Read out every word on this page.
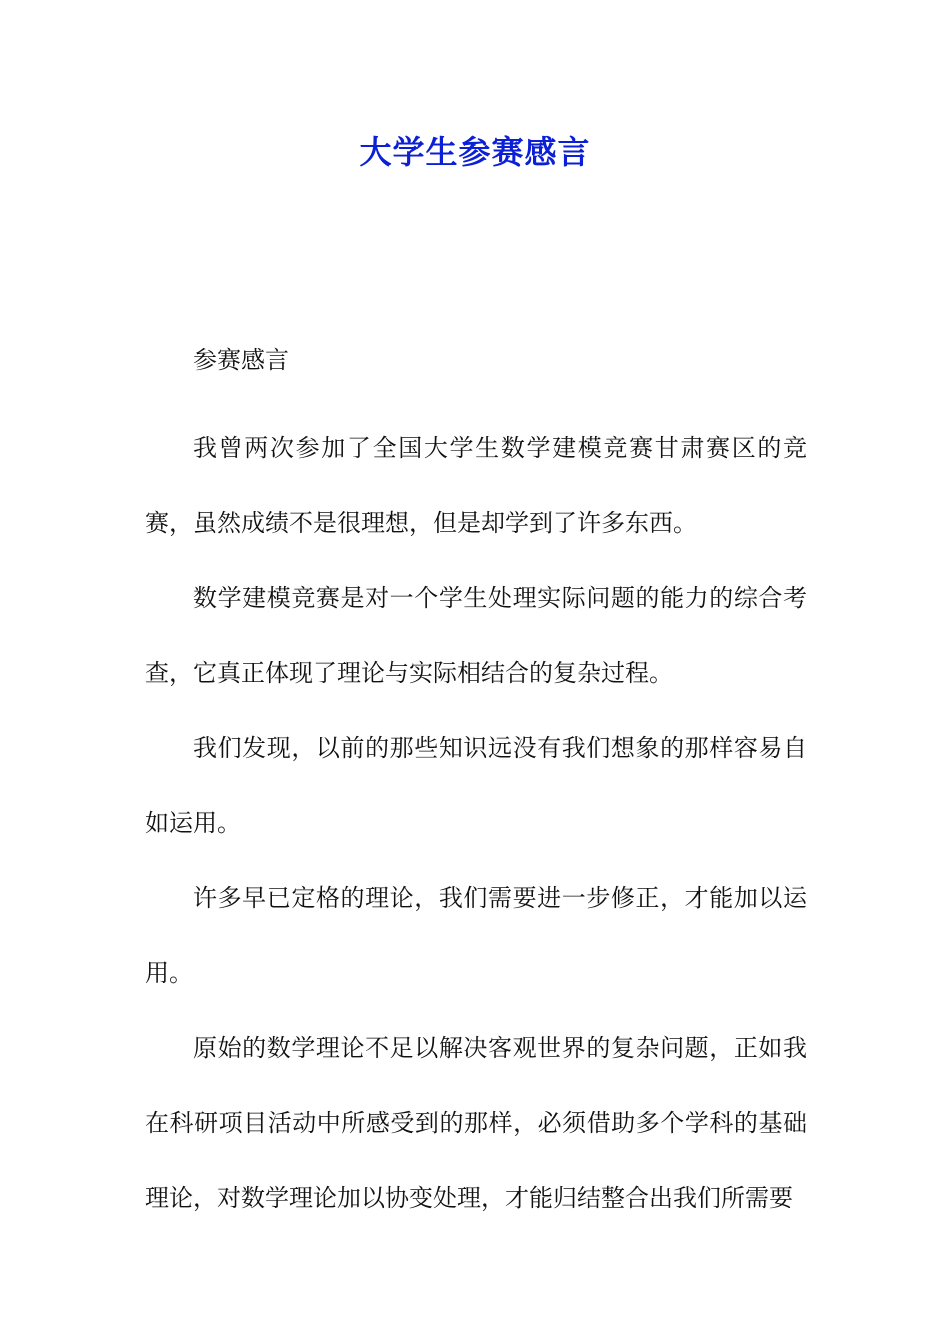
大学生参赛感言

参赛感言

我曾两次参加了全国大学生数学建模竞赛甘肃赛区的竞赛，虽然成绩不是很理想，但是却学到了许多东西。

数学建模竞赛是对一个学生处理实际问题的能力的综合考查，它真正体现了理论与实际相结合的复杂过程。

我们发现，以前的那些知识远没有我们想象的那样容易自如运用。

许多早已定格的理论，我们需要进一步修正，才能加以运用。

原始的数学理论不足以解决客观世界的复杂问题，正如我在科研项目活动中所感受到的那样，必须借助多个学科的基础理论，对数学理论加以协变处理，才能归结整合出我们所需要
